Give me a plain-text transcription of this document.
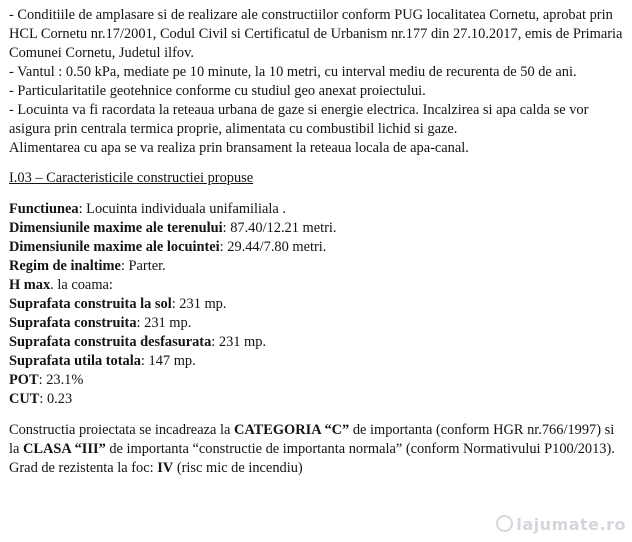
- Conditiile de amplasare si de realizare ale constructiilor conform PUG localitatea Cornetu, aprobat prin HCL Cornetu nr.17/2001, Codul Civil si Certificatul de Urbanism nr.177 din 27.10.2017, emis de Primaria Comunei Cornetu, Judetul ilfov.

- Vantul : 0.50 kPa, mediate pe 10 minute, la 10 metri, cu interval mediu de recurenta de 50 de ani.

- Particularitatile geotehnice conforme cu studiul geo anexat proiectului.

- Locuinta va fi racordata la reteaua urbana de gaze si energie electrica. Incalzirea si apa calda se vor asigura prin centrala termica proprie, alimentata cu combustibil lichid si gaze.

Alimentarea cu apa se va realiza prin bransament la reteaua locala de apa-canal.

I.03 – Caracteristicile constructiei propuse

Functiunea: Locuinta individuala unifamiliala .
Dimensiunile maxime ale terenului: 87.40/12.21 metri.
Dimensiunile maxime ale locuintei: 29.44/7.80 metri.
Regim de inaltime: Parter.
H max. la coama:
Suprafata construita la sol: 231 mp.
Suprafata construita: 231 mp.
Suprafata construita desfasurata: 231 mp.
Suprafata utila totala: 147 mp.
POT: 23.1%
CUT: 0.23

Constructia proiectata se incadreaza la CATEGORIA “C” de importanta (conform HGR nr.766/1997) si la CLASA “III” de importanta “constructie de importanta normala” (conform Normativului P100/2013).

Grad de rezistenta la foc: IV (risc mic de incendiu)

lajumate.ro
